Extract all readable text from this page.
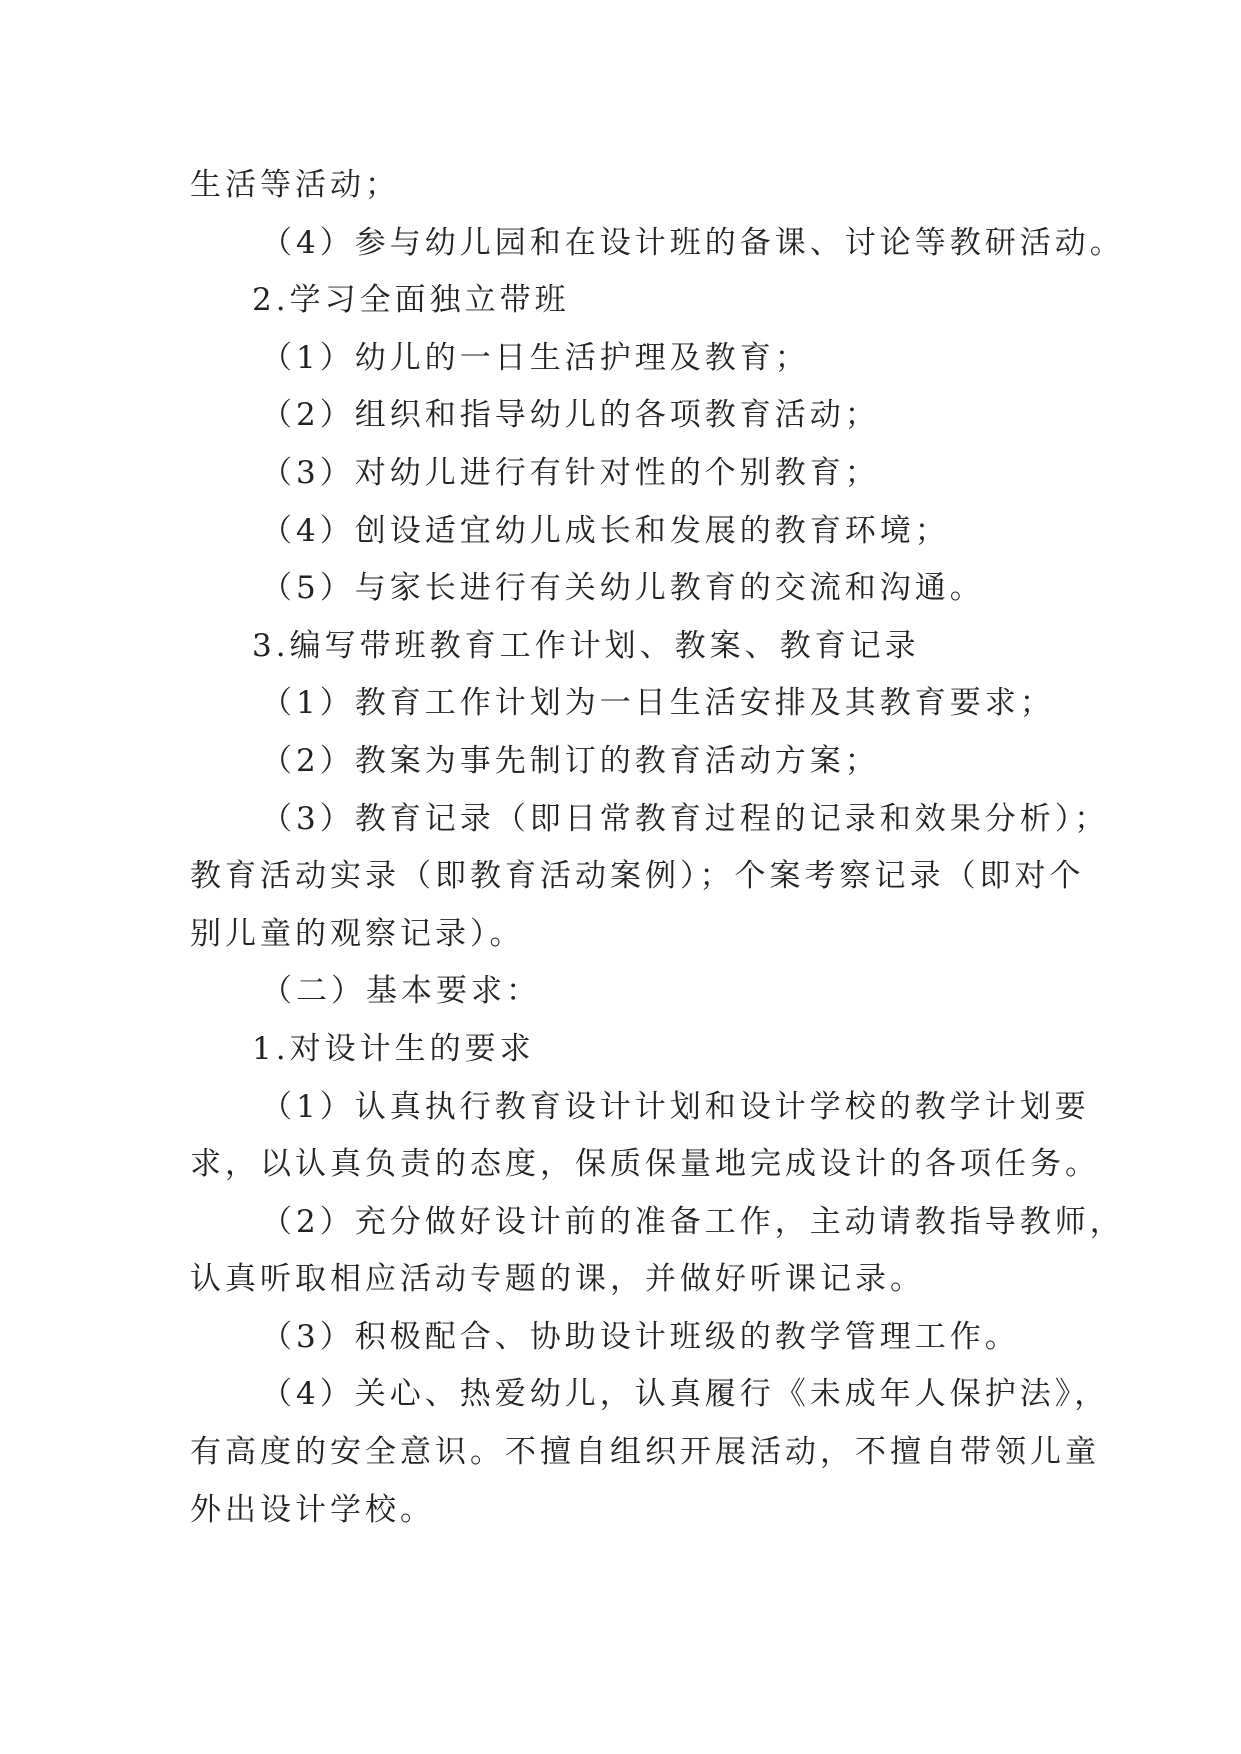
生活等活动；

（4）参与幼儿园和在设计班的备课、讨论等教研活动。

2.学习全面独立带班

（1）幼儿的一日生活护理及教育；

（2）组织和指导幼儿的各项教育活动；

（3）对幼儿进行有针对性的个别教育；

（4）创设适宜幼儿成长和发展的教育环境；

（5）与家长进行有关幼儿教育的交流和沟通。

3.编写带班教育工作计划、教案、教育记录

（1）教育工作计划为一日生活安排及其教育要求；

（2）教案为事先制订的教育活动方案；

（3）教育记录（即日常教育过程的记录和效果分析）；

教育活动实录（即教育活动案例）；个案考察记录（即对个

别儿童的观察记录）。

（二）基本要求：

1.对设计生的要求

（1）认真执行教育设计计划和设计学校的教学计划要

求，以认真负责的态度，保质保量地完成设计的各项任务。

（2）充分做好设计前的准备工作，主动请教指导教师，

认真听取相应活动专题的课，并做好听课记录。

（3）积极配合、协助设计班级的教学管理工作。

（4）关心、热爱幼儿，认真履行《未成年人保护法》，

有高度的安全意识。不擅自组织开展活动，不擅自带领儿童

外出设计学校。
